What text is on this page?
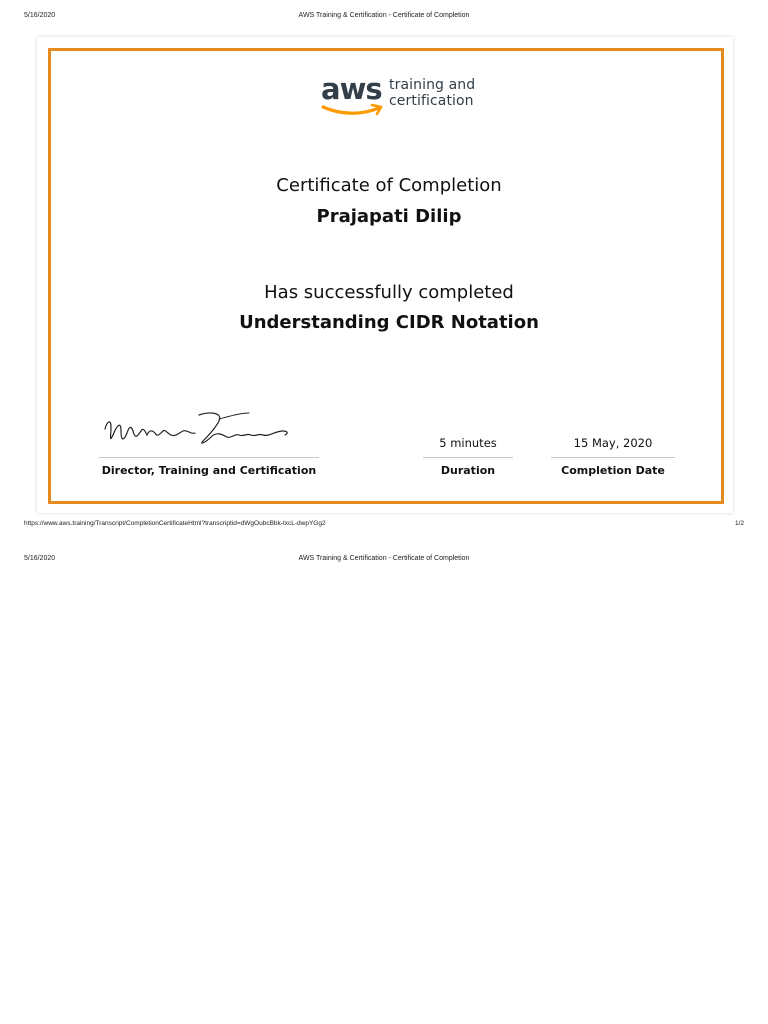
5/16/2020	AWS Training & Certification - Certificate of Completion
aws training and
certification
Certificate of Completion
Prajapati Dilip
Has successfully completed
Understanding CIDR Notation
Director, Training and Certification
5 minutes
Duration
15 May, 2020
Completion Date
https://www.aws.training/Transcript/CompletionCertificateHtml?transcriptid=dWgOubcBbk-txcL-dwpYGg2	1/2
5/16/2020	AWS Training & Certification - Certificate of Completion
